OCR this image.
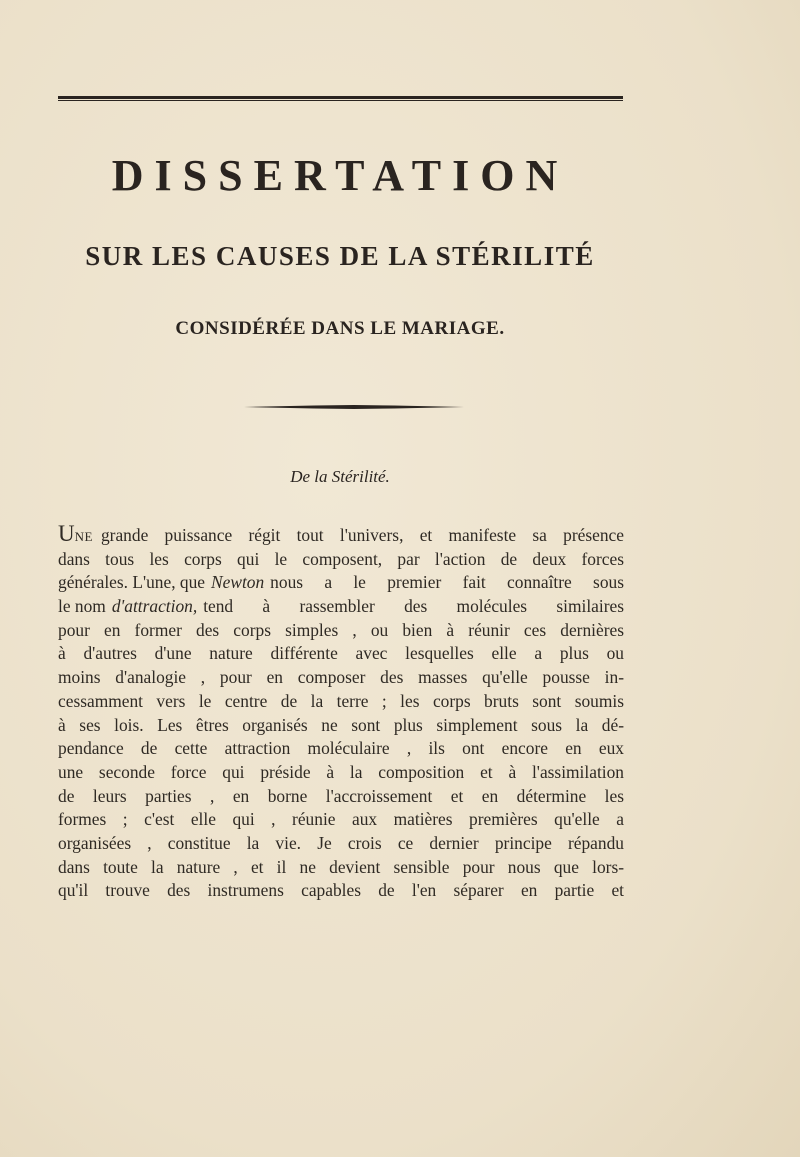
DISSERTATION
SUR LES CAUSES DE LA STÉRILITÉ
CONSIDÉRÉE DANS LE MARIAGE.
De la Stérilité.
UNE grande puissance régit tout l'univers, et manifeste sa présence
dans tous les corps qui le composent, par l'action de deux forces
générales. L'une, que Newton nous a le premier fait connaître sous
le nom d'attraction, tend à rassembler des molécules similaires
pour en former des corps simples , ou bien à réunir ces dernières
à d'autres d'une nature différente avec lesquelles elle a plus ou
moins d'analogie , pour en composer des masses qu'elle pousse in-
cessamment vers le centre de la terre ; les corps bruts sont soumis
à ses lois. Les êtres organisés ne sont plus simplement sous la dé-
pendance de cette attraction moléculaire , ils ont encore en eux
une seconde force qui préside à la composition et à l'assimilation
de leurs parties , en borne l'accroissement et en détermine les
formes ; c'est elle qui , réunie aux matières premières qu'elle a
organisées , constitue la vie. Je crois ce dernier principe répandu
dans toute la nature , et il ne devient sensible pour nous que lors-
qu'il trouve des instrumens capables de l'en séparer en partie et
